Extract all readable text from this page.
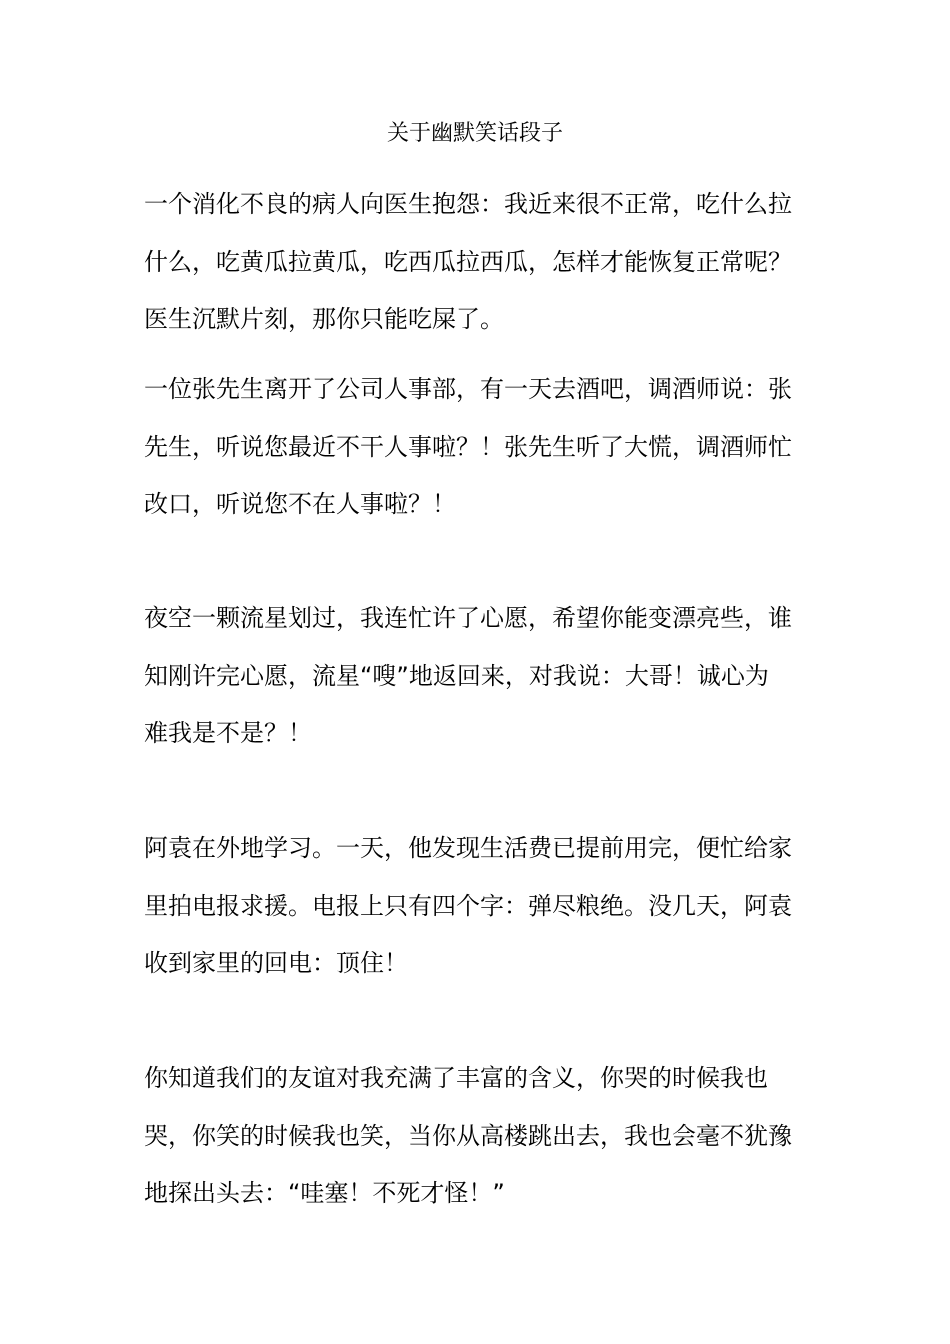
关于幽默笑话段子
一个消化不良的病人向医生抱怨：我近来很不正常，吃什么拉
什么，吃黄瓜拉黄瓜，吃西瓜拉西瓜，怎样才能恢复正常呢？
医生沉默片刻，那你只能吃屎了。
一位张先生离开了公司人事部，有一天去酒吧，调酒师说：张
先生，听说您最近不干人事啦？！张先生听了大慌，调酒师忙
改口，听说您不在人事啦？！
夜空一颗流星划过，我连忙许了心愿，希望你能变漂亮些，谁
知刚许完心愿，流星“嗖”地返回来，对我说：大哥！诚心为
难我是不是？！
阿袁在外地学习。一天，他发现生活费已提前用完，便忙给家
里拍电报求援。电报上只有四个字：弹尽粮绝。没几天，阿袁
收到家里的回电：顶住！
你知道我们的友谊对我充满了丰富的含义，你哭的时候我也
哭，你笑的时候我也笑，当你从高楼跳出去，我也会毫不犹豫
地探出头去：“哇塞！不死才怪！”
